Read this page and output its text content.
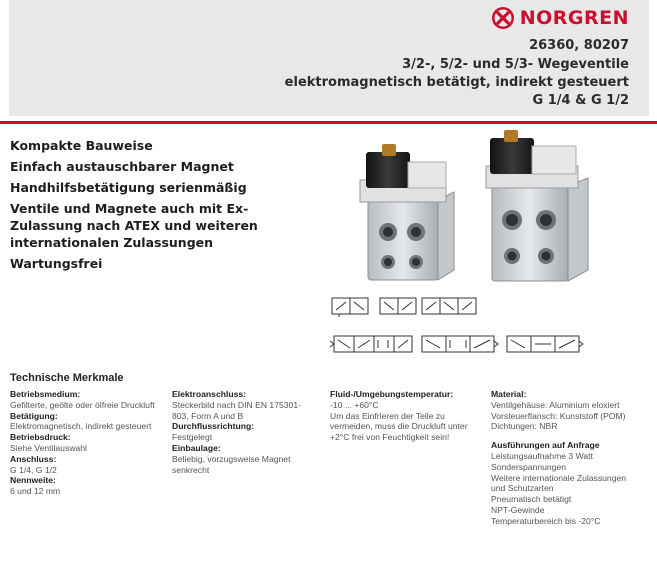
NORGREN
26360, 80207
3/2-, 5/2- und 5/3- Wegeventile
elektromagnetisch betätigt, indirekt gesteuert
G 1/4 & G 1/2
Kompakte Bauweise
Einfach austauschbarer Magnet
Handhilfsbetätigung serienmäßig
Ventile und Magnete auch mit Ex-Zulassung nach ATEX und weiteren internationalen Zulassungen
Wartungsfrei
Technische Merkmale
Betriebsmedium:
Gefilterte, geölte oder ölfreie Druckluft
Betätigung:
Elektromagnetisch, indirekt gesteuert
Betriebsdruck:
Siehe Ventilauswahl
Anschluss:
G 1/4, G 1/2
Nennweite:
6 und 12 mm
Elektroanschluss:
Steckerbild nach DIN EN 175301-803, Form A und B
Durchflussrichtung:
Festgelegt
Einbaulage:
Beliebig, vorzugsweise Magnet senkrecht
Fluid-/Umgebungstemperatur:
-10 ... +60°C
Um das Einfrieren der Teile zu vermeiden, muss die Druckluft unter +2°C frei von Feuchtigkeit sein!
Material:
Ventilgehäuse: Aluminium eloxiert
Vorsteuerflansch: Kunststoff (POM)
Dichtungen: NBR
Ausführungen auf Anfrage
Leistungsaufnahme 3 Watt
Sonderspannungen
Weitere internationale Zulassungen und Schutzarten
Pneumatisch betätigt
NPT-Gewinde
Temperaturbereich bis -20°C
